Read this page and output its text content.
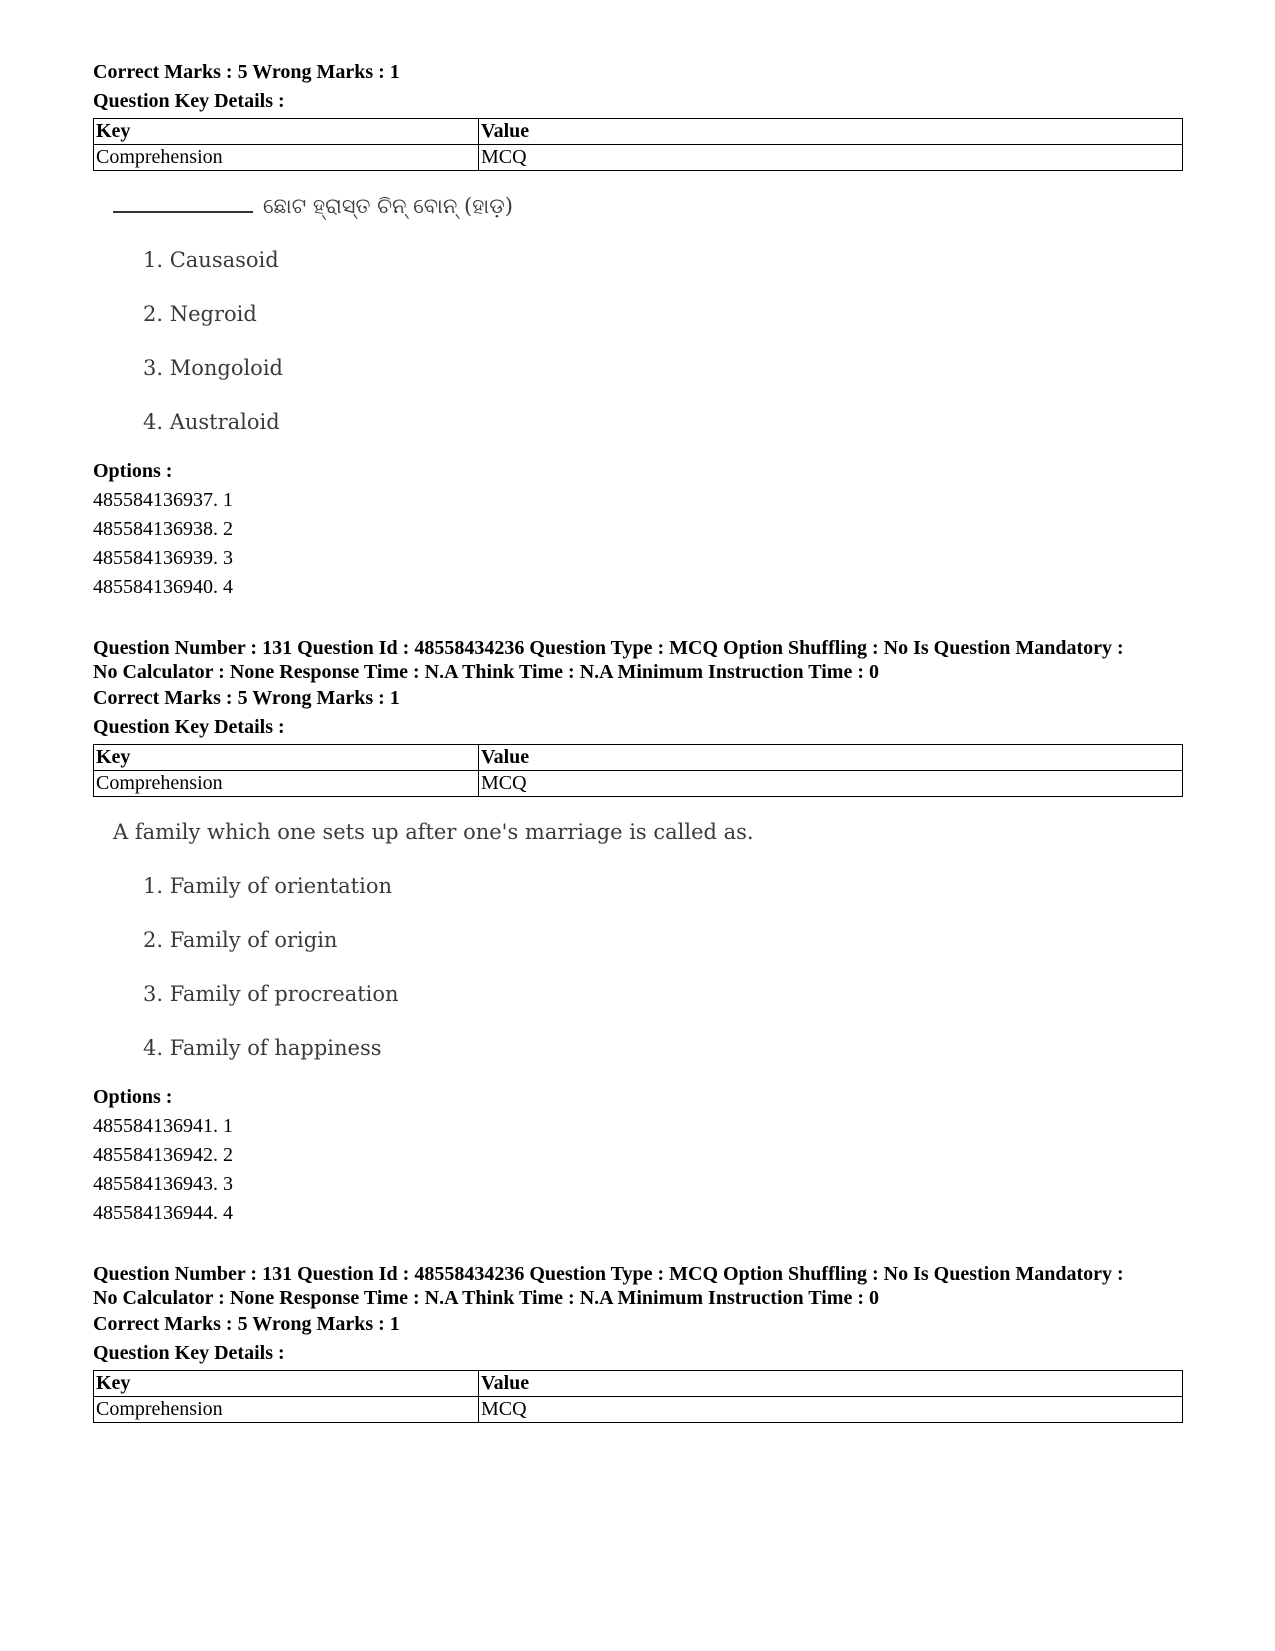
Correct Marks : 5 Wrong Marks : 1
Question Key Details :
Key	Value
Comprehension	MCQ
ଛୋଟ ହ୍ରାସ୍ତ ଚିନ୍ ବୋନ୍ (ହାଡ଼)
1. Causasoid
2. Negroid
3. Mongoloid
4. Australoid
Options :
485584136937. 1
485584136938. 2
485584136939. 3
485584136940. 4
Question Number : 131 Question Id : 48558434236 Question Type : MCQ Option Shuffling : No Is Question Mandatory :
No Calculator : None Response Time : N.A Think Time : N.A Minimum Instruction Time : 0
Correct Marks : 5 Wrong Marks : 1
Question Key Details :
Key	Value
Comprehension	MCQ
A family which one sets up after one's marriage is called as.
1. Family of orientation
2. Family of origin
3. Family of procreation
4. Family of happiness
Options :
485584136941. 1
485584136942. 2
485584136943. 3
485584136944. 4
Question Number : 131 Question Id : 48558434236 Question Type : MCQ Option Shuffling : No Is Question Mandatory :
No Calculator : None Response Time : N.A Think Time : N.A Minimum Instruction Time : 0
Correct Marks : 5 Wrong Marks : 1
Question Key Details :
Key	Value
Comprehension	MCQ
